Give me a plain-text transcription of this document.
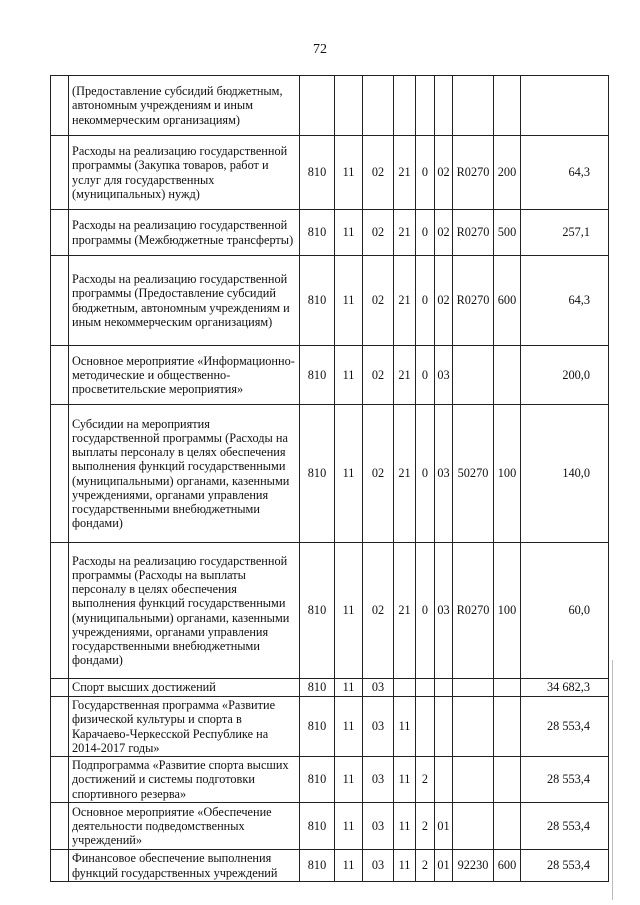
72
	(Предоставление субсидий бюджетным, автономным учреждениям и иным некоммерческим организациям)									
	Расходы на реализацию государственной программы (Закупка товаров, работ и услуг для государственных (муниципальных) нужд)	810	11	02	21	0	02	R0270	200	64,3
	Расходы на реализацию государственной программы (Межбюджетные трансферты)	810	11	02	21	0	02	R0270	500	257,1
	Расходы на реализацию государственной программы (Предоставление субсидий бюджетным, автономным учреждениям и иным некоммерческим организациям)	810	11	02	21	0	02	R0270	600	64,3
	Основное мероприятие «Информационно-методические и общественно-просветительские мероприятия»	810	11	02	21	0	03			200,0
	Субсидии на мероприятия государственной программы (Расходы на выплаты персоналу в целях обеспечения выполнения функций государственными (муниципальными) органами, казенными учреждениями, органами управления государственными внебюджетными фондами)	810	11	02	21	0	03	50270	100	140,0
	Расходы на реализацию государственной программы (Расходы на выплаты персоналу в целях обеспечения выполнения функций государственными (муниципальными) органами, казенными учреждениями, органами управления государственными внебюджетными фондами)	810	11	02	21	0	03	R0270	100	60,0
	Спорт высших достижений	810	11	03						34 682,3
	Государственная программа «Развитие физической культуры и спорта в Карачаево-Черкесской Республике на 2014-2017 годы»	810	11	03	11					28 553,4
	Подпрограмма «Развитие спорта высших достижений и системы подготовки спортивного резерва»	810	11	03	11	2				28 553,4
	Основное мероприятие «Обеспечение деятельности подведомственных учреждений»	810	11	03	11	2	01			28 553,4
	Финансовое обеспечение выполнения функций государственных учреждений	810	11	03	11	2	01	92230	600	28 553,4
